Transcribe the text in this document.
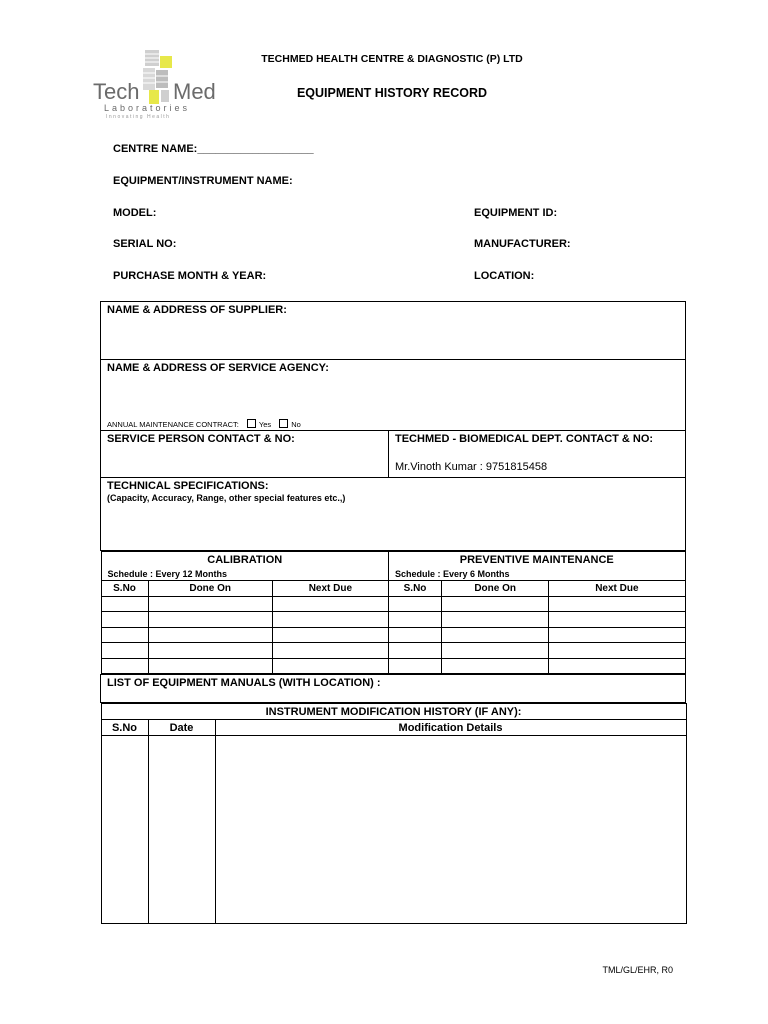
Tech Med
Laboratories
Innovating Health
TECHMED HEALTH CENTRE & DIAGNOSTIC (P) LTD
EQUIPMENT HISTORY RECORD
CENTRE NAME:___________________
EQUIPMENT/INSTRUMENT NAME:
MODEL:	EQUIPMENT ID:
SERIAL NO:	MANUFACTURER:
PURCHASE MONTH & YEAR:	LOCATION:
NAME & ADDRESS OF SUPPLIER:
NAME & ADDRESS OF SERVICE AGENCY:
ANNUAL MAINTENANCE CONTRACT:	Yes	No

SERVICE PERSON CONTACT & NO:	TECHMED - BIOMEDICAL DEPT. CONTACT & NO:
Mr.Vinoth Kumar : 9751815458

TECHNICAL SPECIFICATIONS:
(Capacity, Accuracy, Range, other special features etc.,)

CALIBRATION
Schedule : Every 12 Months

PREVENTIVE MAINTENANCE
Schedule : Every 6 Months

S.No	Done On	Next Due	S.No	Done On	Next Due

LIST OF EQUIPMENT MANUALS (WITH LOCATION) :

INSTRUMENT MODIFICATION HISTORY (IF ANY):
S.No	Date	Modification Details

TML/GL/EHR, R0
